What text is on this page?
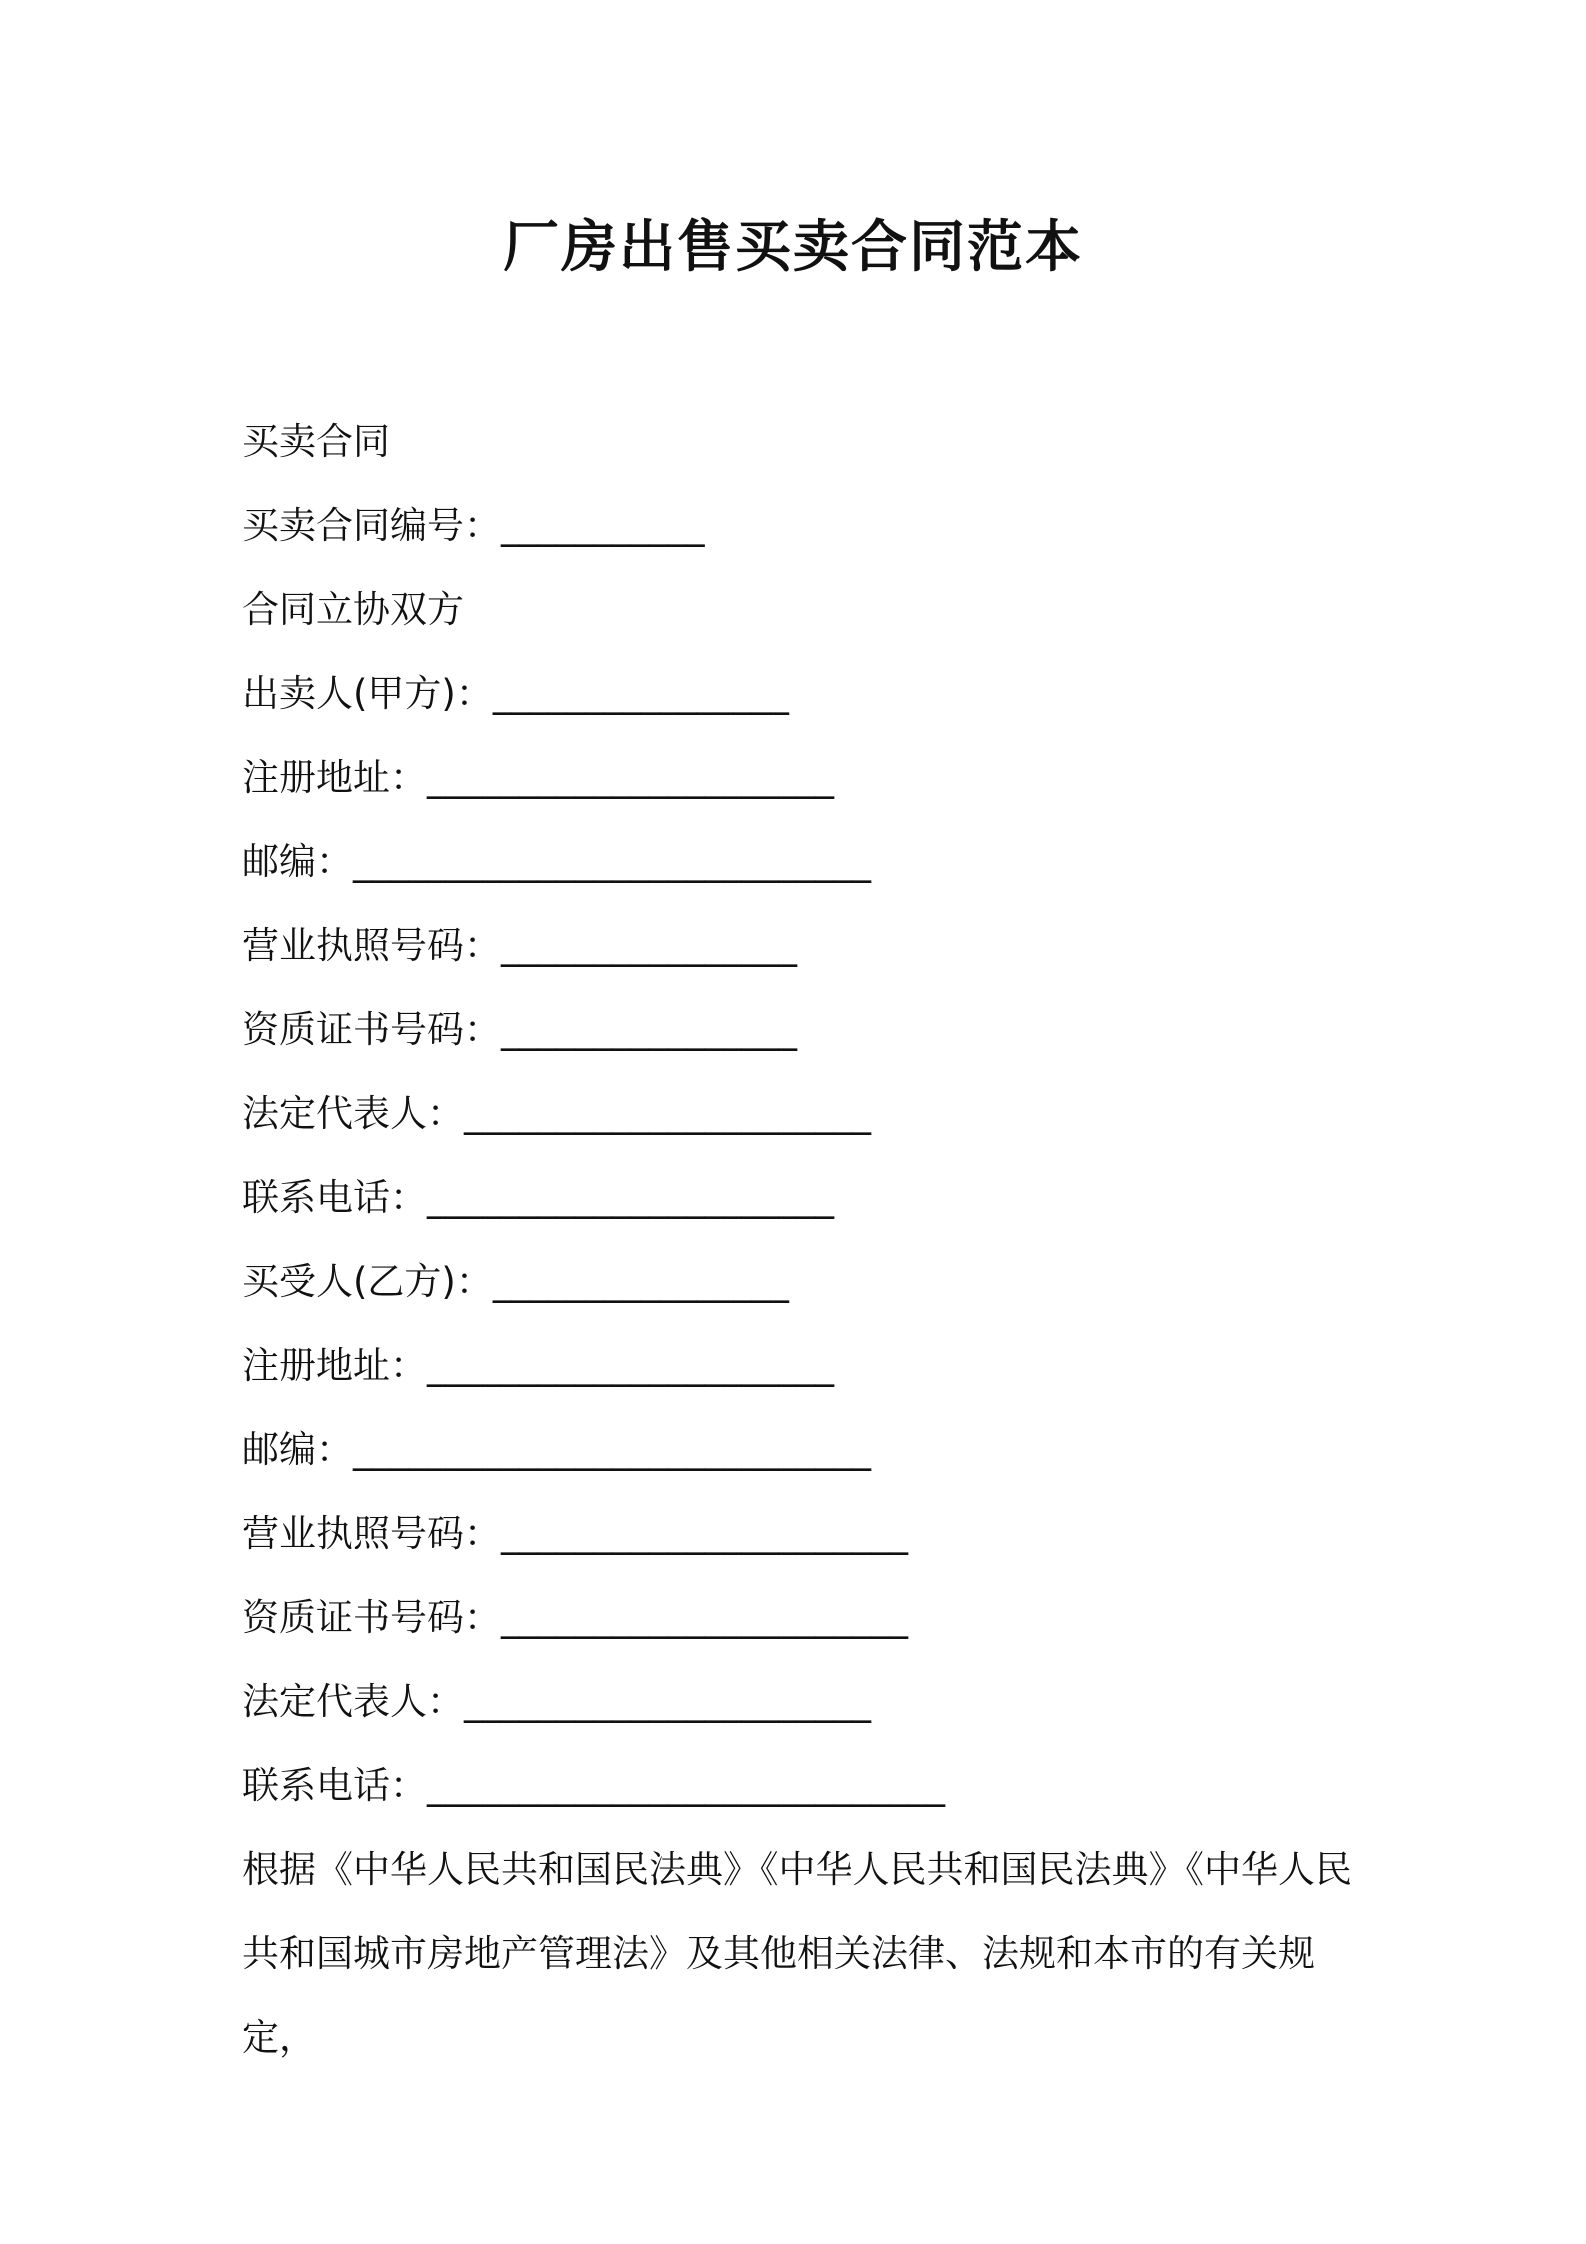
厂房出售买卖合同范本
买卖合同
买卖合同编号：___________
合同立协双方
出卖人(甲方)：________________
注册地址：______________________
邮编：____________________________
营业执照号码：________________
资质证书号码：________________
法定代表人：______________________
联系电话：______________________
买受人(乙方)：________________
注册地址：______________________
邮编：____________________________
营业执照号码：______________________
资质证书号码：______________________
法定代表人：______________________
联系电话：____________________________
根据《中华人民共和国民法典》《中华人民共和国民法典》《中华人民共和国城市房地产管理法》及其他相关法律、法规和本市的有关规定，
